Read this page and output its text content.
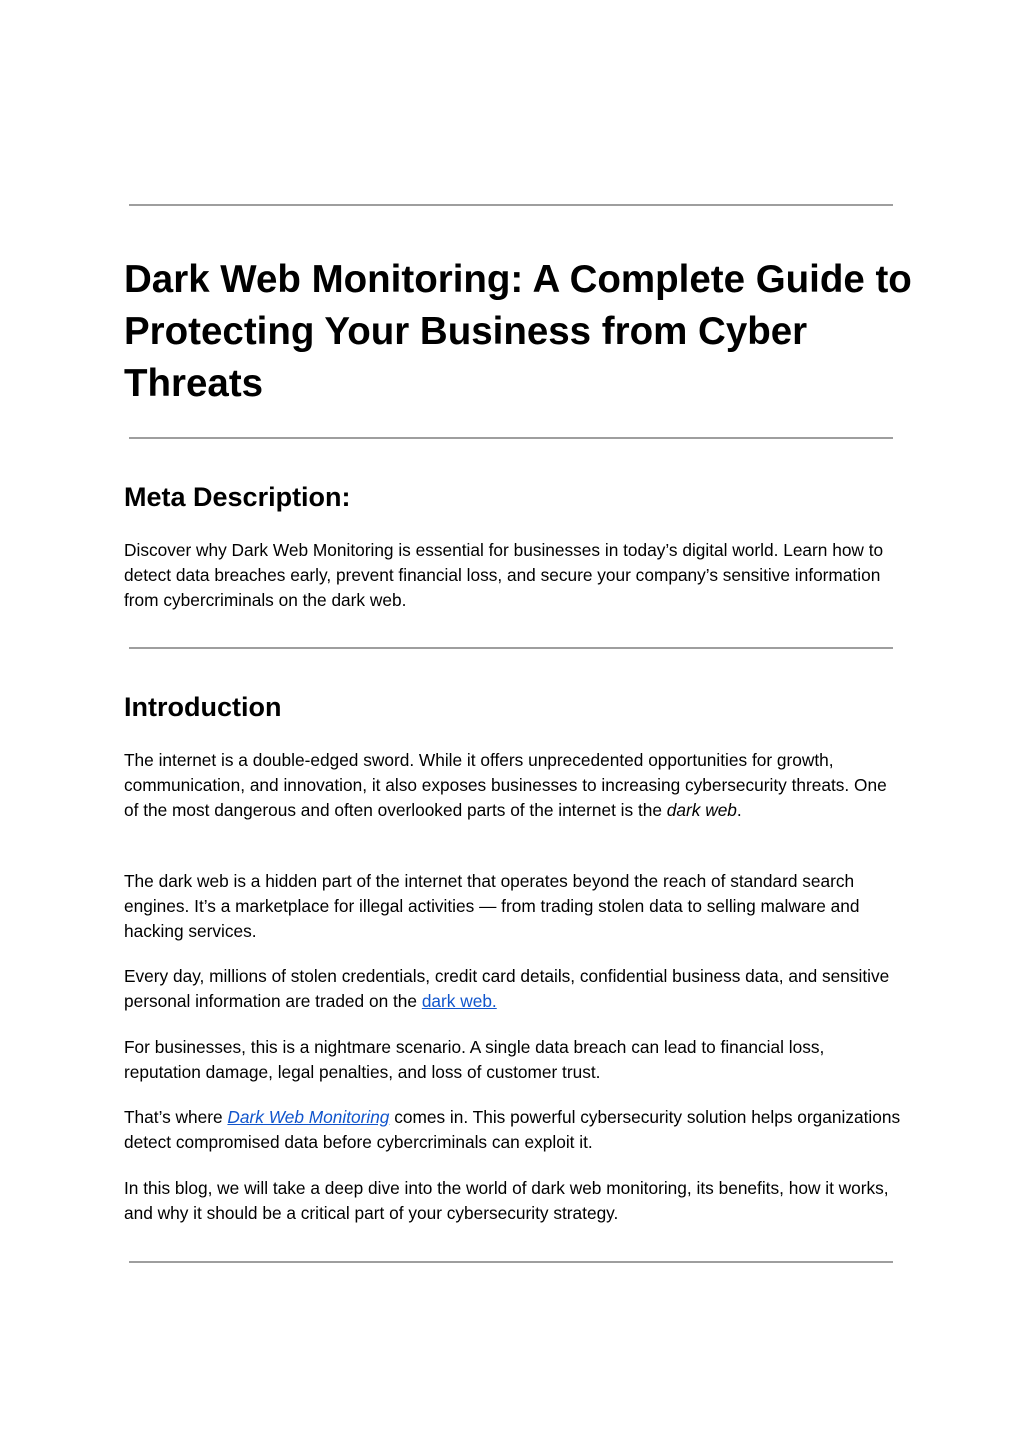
Dark Web Monitoring: A Complete Guide to Protecting Your Business from Cyber Threats
Meta Description:

Discover why Dark Web Monitoring is essential for businesses in today’s digital world. Learn how to detect data breaches early, prevent financial loss, and secure your company’s sensitive information from cybercriminals on the dark web.

Introduction

The internet is a double-edged sword. While it offers unprecedented opportunities for growth, communication, and innovation, it also exposes businesses to increasing cybersecurity threats. One of the most dangerous and often overlooked parts of the internet is the dark web.

The dark web is a hidden part of the internet that operates beyond the reach of standard search engines. It’s a marketplace for illegal activities — from trading stolen data to selling malware and hacking services.

Every day, millions of stolen credentials, credit card details, confidential business data, and sensitive personal information are traded on the dark web.

For businesses, this is a nightmare scenario. A single data breach can lead to financial loss, reputation damage, legal penalties, and loss of customer trust.

That’s where Dark Web Monitoring comes in. This powerful cybersecurity solution helps organizations detect compromised data before cybercriminals can exploit it.

In this blog, we will take a deep dive into the world of dark web monitoring, its benefits, how it works, and why it should be a critical part of your cybersecurity strategy.
